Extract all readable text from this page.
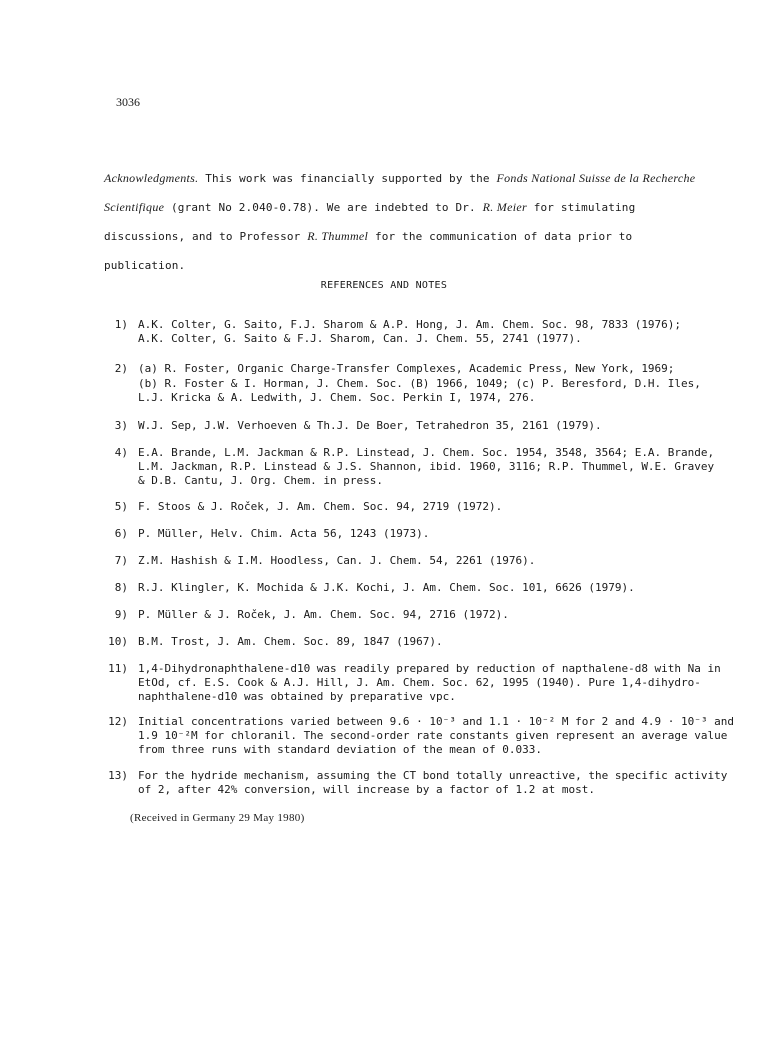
3036
Acknowledgments. This work was financially supported by the Fonds National Suisse de la Recherche Scientifique (grant No 2.040-0.78). We are indebted to Dr. R. Meier for stimulating discussions, and to Professor R. Thummel for the communication of data prior to publication.
REFERENCES AND NOTES
1) A.K. Colter, G. Saito, F.J. Sharom & A.P. Hong, J. Am. Chem. Soc. 98, 7833 (1976);
A.K. Colter, G. Saito & F.J. Sharom, Can. J. Chem. 55, 2741 (1977).
2) (a) R. Foster, Organic Charge-Transfer Complexes, Academic Press, New York, 1969;
(b) R. Foster & I. Horman, J. Chem. Soc. (B) 1966, 1049; (c) P. Beresford, D.H. Iles,
L.J. Kricka & A. Ledwith, J. Chem. Soc. Perkin I, 1974, 276.
3) W.J. Sep, J.W. Verhoeven & Th.J. De Boer, Tetrahedron 35, 2161 (1979).
4) E.A. Brande, L.M. Jackman & R.P. Linstead, J. Chem. Soc. 1954, 3548, 3564; E.A. Brande,
L.M. Jackman, R.P. Linstead & J.S. Shannon, ibid. 1960, 3116; R.P. Thummel, W.E. Gravey
& D.B. Cantu, J. Org. Chem. in press.
5) F. Stoos & J. Roček, J. Am. Chem. Soc. 94, 2719 (1972).
6) P. Müller, Helv. Chim. Acta 56, 1243 (1973).
7) Z.M. Hashish & I.M. Hoodless, Can. J. Chem. 54, 2261 (1976).
8) R.J. Klingler, K. Mochida & J.K. Kochi, J. Am. Chem. Soc. 101, 6626 (1979).
9) P. Müller & J. Roček, J. Am. Chem. Soc. 94, 2716 (1972).
10) B.M. Trost, J. Am. Chem. Soc. 89, 1847 (1967).
11) 1,4-Dihydronaphthalene-d10 was readily prepared by reduction of napthalene-d8 with Na in
EtOd, cf. E.S. Cook & A.J. Hill, J. Am. Chem. Soc. 62, 1995 (1940). Pure 1,4-dihydro-
naphthalene-d10 was obtained by preparative vpc.
12) Initial concentrations varied between 9.6 · 10⁻³ and 1.1 · 10⁻² M for 2 and 4.9 · 10⁻³ and
1.9 10⁻²M for chloranil. The second-order rate constants given represent an average value
from three runs with standard deviation of the mean of 0.033.
13) For the hydride mechanism, assuming the CT bond totally unreactive, the specific activity
of 2, after 42% conversion, will increase by a factor of 1.2 at most.
(Received in Germany 29 May 1980)
